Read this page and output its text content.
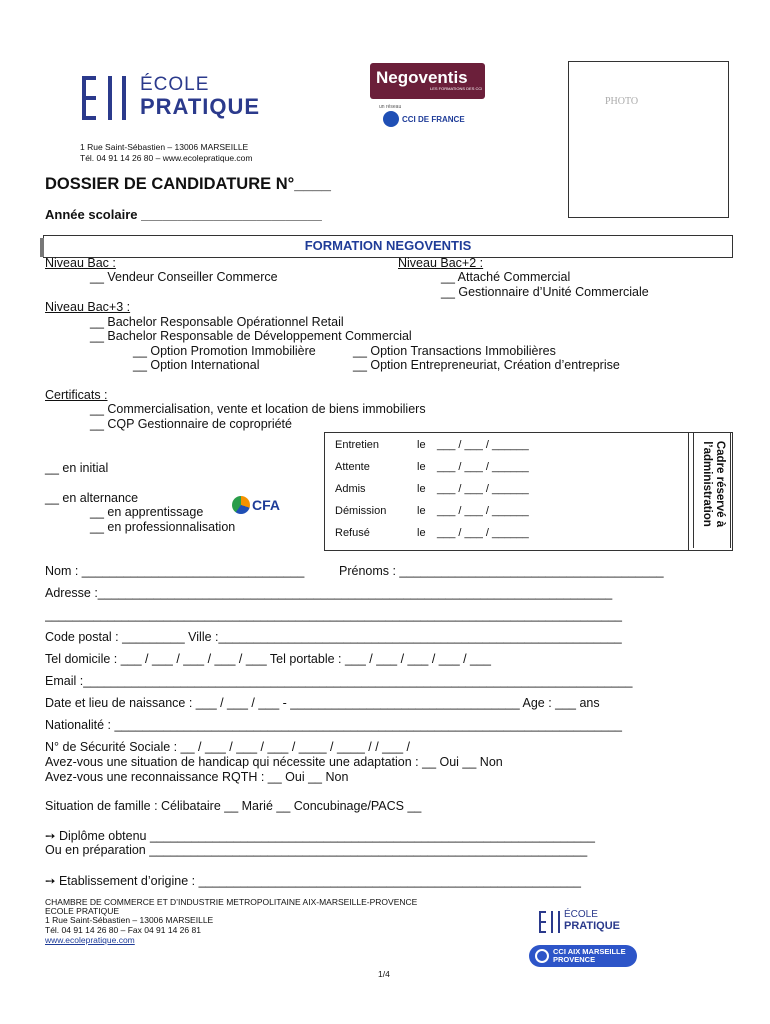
ÉCOLE
PRATIQUE
1 Rue Saint-Sébastien – 13006 MARSEILLE
Tél. 04 91 14 26 80 – www.ecolepratique.com
Negoventis
LES FORMATIONS DES CCI
un réseau
CCI DE FRANCE
PHOTO
DOSSIER DE CANDIDATURE N°____
Année scolaire _________________________
FORMATION NEGOVENTIS
Niveau Bac :
__ Vendeur Conseiller Commerce
Niveau Bac+2 :
__ Attaché Commercial
__ Gestionnaire d’Unité Commerciale
Niveau Bac+3 :
__ Bachelor Responsable Opérationnel Retail
__ Bachelor Responsable de Développement Commercial
__ Option Promotion Immobilière	__ Option Transactions Immobilières
__ Option International	__ Option Entrepreneuriat, Création d’entreprise
Certificats :
__ Commercialisation, vente et location de biens immobiliers
__ CQP Gestionnaire de copropriété
__ en initial
__ en alternance
__ en apprentissage
__ en professionnalisation
CFA
Entretien	le ___ / ___ / ______
Attente	le ___ / ___ / ______
Admis	le ___ / ___ / ______
Démission	le ___ / ___ / ______
Refusé	le ___ / ___ / ______
Cadre réservé à l’administration
Nom : ________________________________	Prénoms : ______________________________________
Adresse :__________________________________________________________________________
___________________________________________________________________________________
Code postal : _________ Ville :__________________________________________________________
Tel domicile : ___ / ___ / ___ / ___ / ___ Tel portable : ___ / ___ / ___ / ___ / ___
Email :_______________________________________________________________________________
Date et lieu de naissance : ___ / ___ / ___ - _________________________________ Age : ___ ans
Nationalité : _________________________________________________________________________
N° de Sécurité Sociale : __ / ___ / ___ / ___ / ____ / ____ / / ___ /
Avez-vous une situation de handicap qui nécessite une adaptation : __ Oui __ Non
Avez-vous une reconnaissance RQTH : __ Oui __ Non
Situation de famille : Célibataire __ Marié __ Concubinage/PACS __
➙ Diplôme obtenu ________________________________________________________________
Ou en préparation _______________________________________________________________
➙ Etablissement d’origine : _______________________________________________________
CHAMBRE DE COMMERCE ET D’INDUSTRIE METROPOLITAINE AIX-MARSEILLE-PROVENCE
ECOLE PRATIQUE
1 Rue Saint-Sébastien – 13006 MARSEILLE
Tél. 04 91 14 26 80 – Fax 04 91 14 26 81
www.ecolepratique.com
ÉCOLE
PRATIQUE
CCI AIX MARSEILLE
PROVENCE
1/4
